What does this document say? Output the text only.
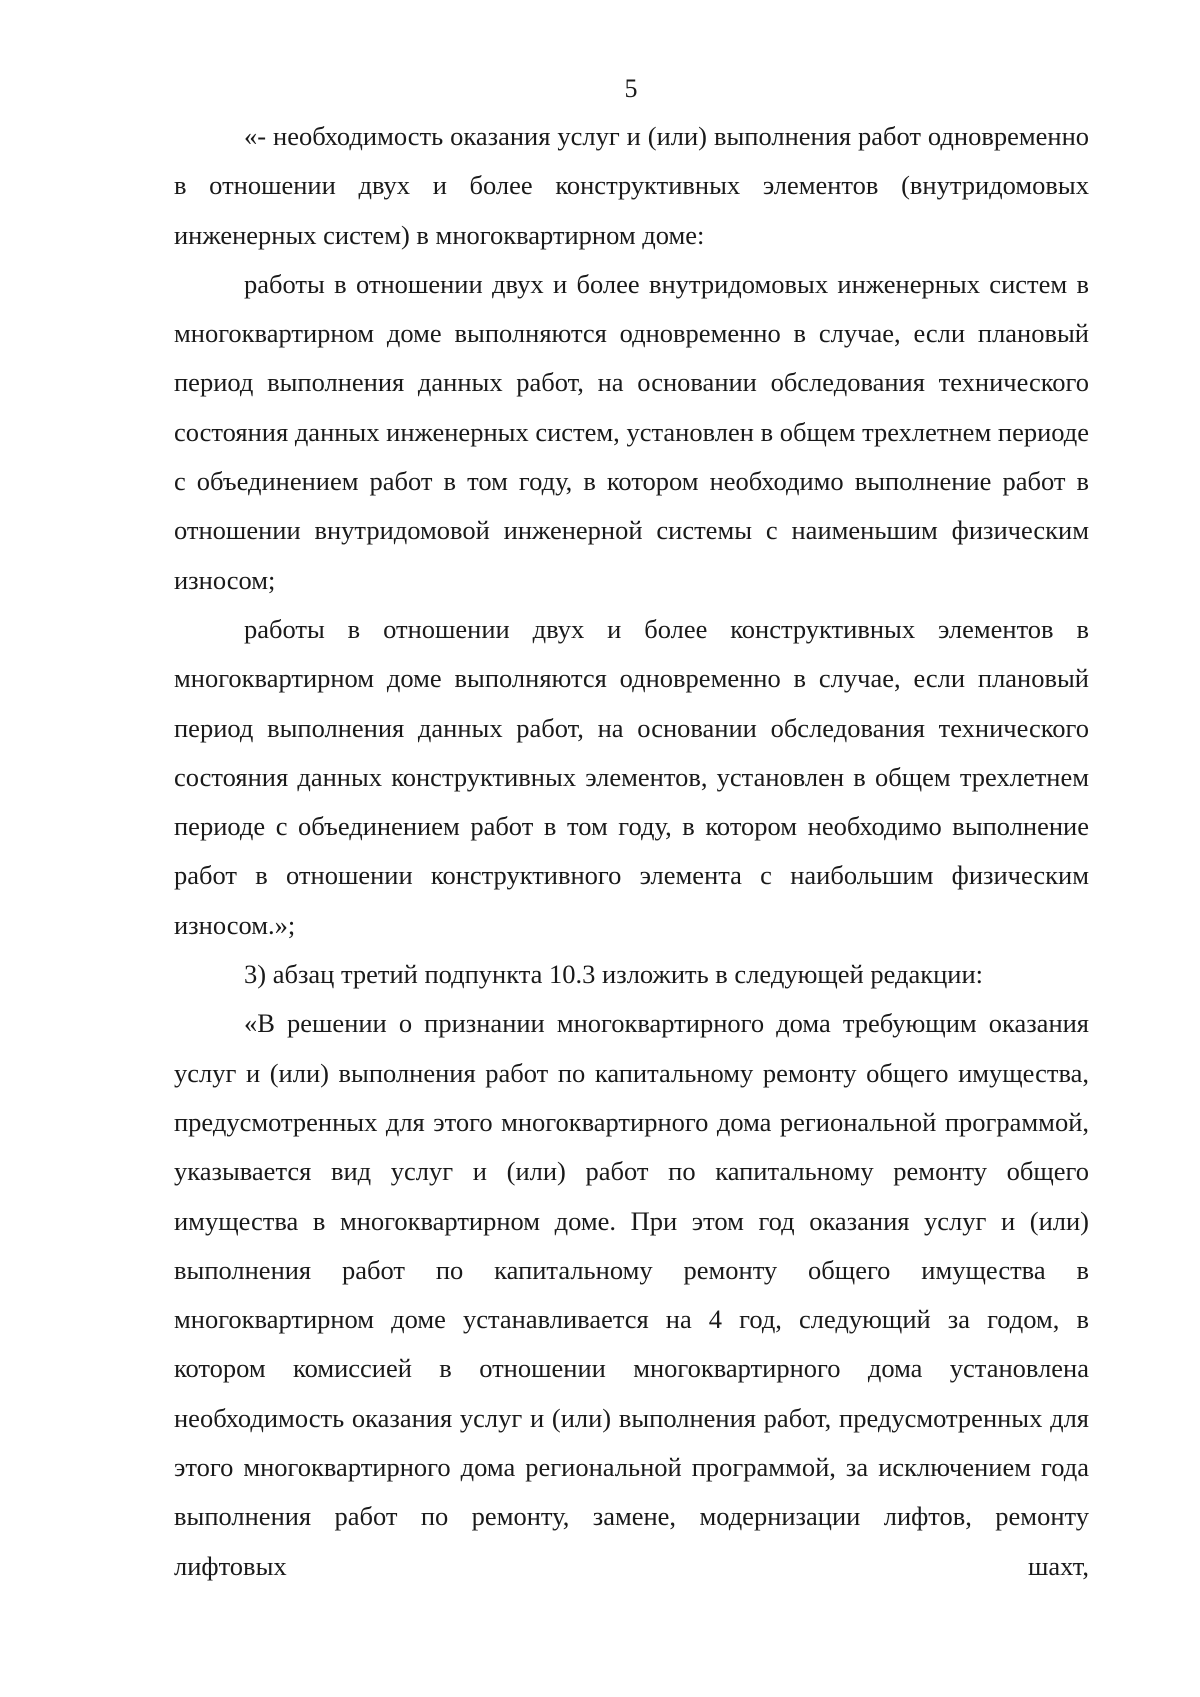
5

«- необходимость оказания услуг и (или) выполнения работ одновременно в отношении двух и более конструктивных элементов (внутридомовых инженерных систем) в многоквартирном доме:

работы в отношении двух и более внутридомовых инженерных систем в многоквартирном доме выполняются одновременно в случае, если плановый период выполнения данных работ, на основании обследования технического состояния данных инженерных систем, установлен в общем трехлетнем периоде с объединением работ в том году, в котором необходимо выполнение работ в отношении внутридомовой инженерной системы с наименьшим физическим износом;

работы в отношении двух и более конструктивных элементов в многоквартирном доме выполняются одновременно в случае, если плановый период выполнения данных работ, на основании обследования технического состояния данных конструктивных элементов, установлен в общем трехлетнем периоде с объединением работ в том году, в котором необходимо выполнение работ в отношении конструктивного элемента с наибольшим физическим износом.»;

3) абзац третий подпункта 10.3 изложить в следующей редакции:

«В решении о признании многоквартирного дома требующим оказания услуг и (или) выполнения работ по капитальному ремонту общего имущества, предусмотренных для этого многоквартирного дома региональной программой, указывается вид услуг и (или) работ по капитальному ремонту общего имущества в многоквартирном доме. При этом год оказания услуг и (или) выполнения работ по капитальному ремонту общего имущества в многоквартирном доме устанавливается на 4 год, следующий за годом, в котором комиссией в отношении многоквартирного дома установлена необходимость оказания услуг и (или) выполнения работ, предусмотренных для этого многоквартирного дома региональной программой, за исключением года выполнения работ по ремонту, замене, модернизации лифтов, ремонту лифтовых шахт,
